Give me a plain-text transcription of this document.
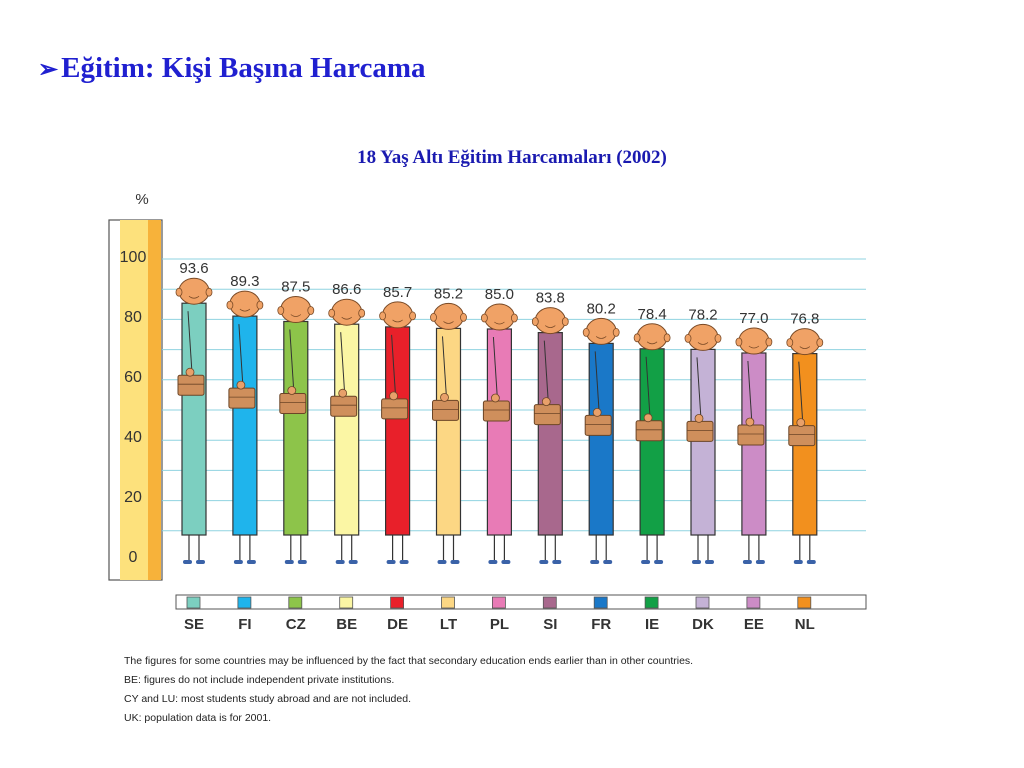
➢ Eğitim: Kişi Başına Harcama
18 Yaş Altı Eğitim Harcamaları (2002)
%
0
20
40
60
80
100
93.6
89.3 87.5 86.6 85.7 85.2 85.0 83.8
80.2 78.4 78.2 77.0 76.8
SE FI CZ BE DE LT PL SI FR IE DK EE NL
The figures for some countries may be influenced by the fact that secondary education ends earlier than in other countries.
BE: figures do not include independent private institutions.
CY and LU: most students study abroad and are not included.
UK: population data is for 2001.
